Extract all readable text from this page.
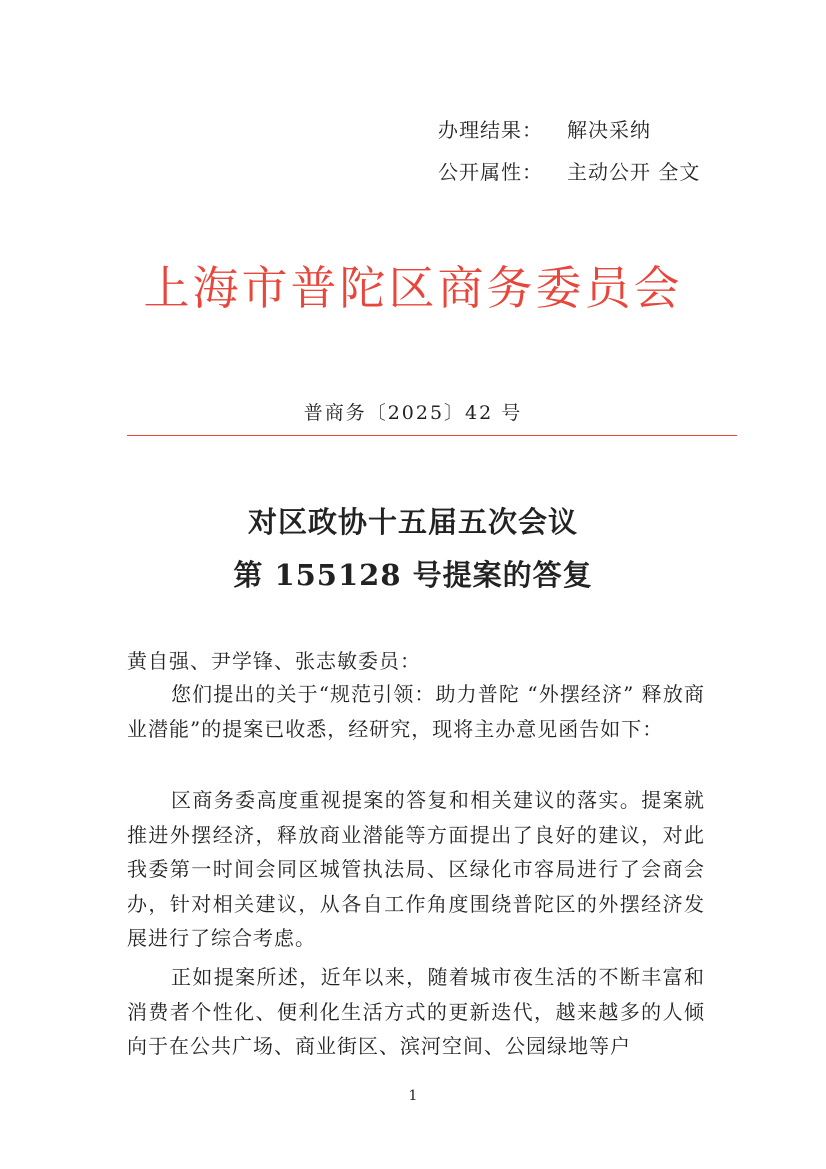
办理结果： 解决采纳
公开属性： 主动公开 全文
上海市普陀区商务委员会
普商务〔2025〕42 号
对区政协十五届五次会议
第 155128 号提案的答复
黄自强、尹学锋、张志敏委员：
您们提出的关于“规范引领：助力普陀 “外摆经济” 释放商业潜能”的提案已收悉，经研究，现将主办意见函告如下：
区商务委高度重视提案的答复和相关建议的落实。提案就推进外摆经济，释放商业潜能等方面提出了良好的建议，对此我委第一时间会同区城管执法局、区绿化市容局进行了会商会办，针对相关建议，从各自工作角度围绕普陀区的外摆经济发展进行了综合考虑。
正如提案所述，近年以来，随着城市夜生活的不断丰富和消费者个性化、便利化生活方式的更新迭代，越来越多的人倾向于在公共广场、商业街区、滨河空间、公园绿地等户
1
